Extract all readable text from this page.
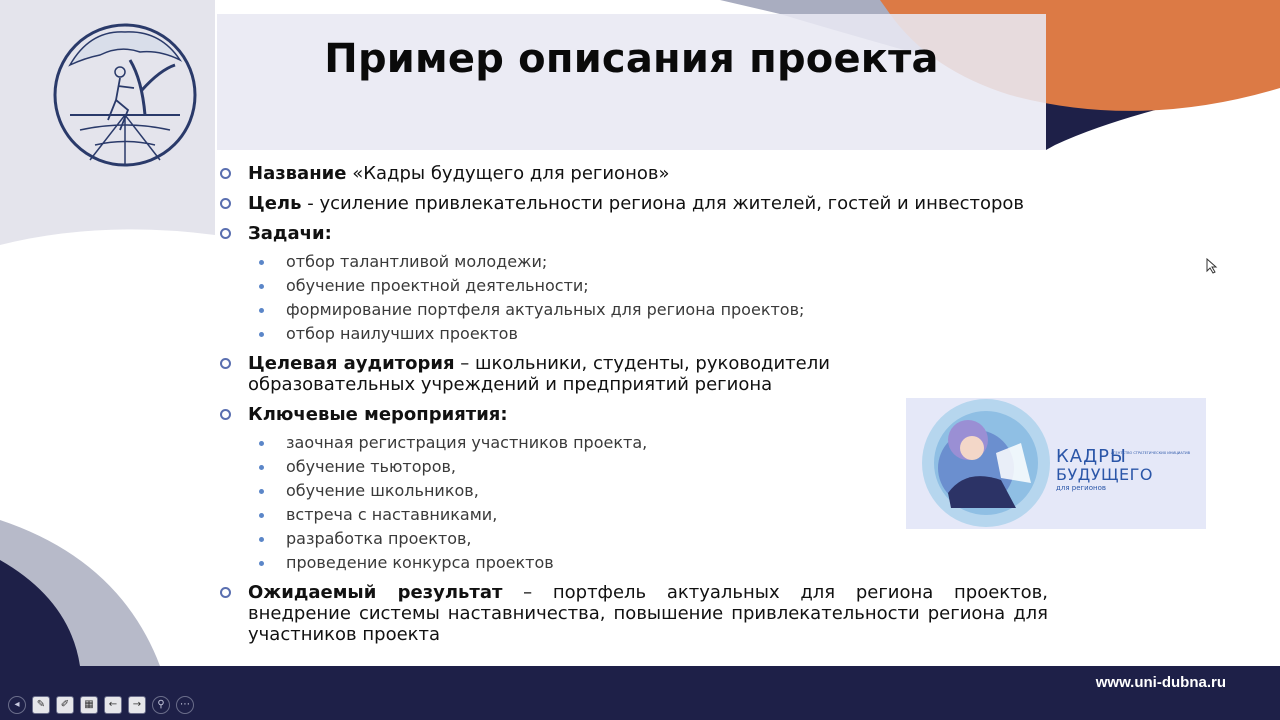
Пример описания проекта
Название «Кадры будущего для регионов»
Цель - усиление привлекательности региона для жителей, гостей и инвесторов
Задачи:
отбор талантливой молодежи;
обучение проектной деятельности;
формирование портфеля актуальных для региона проектов;
отбор наилучших проектов
Целевая аудитория – школьники, студенты, руководители образовательных учреждений и предприятий региона
Ключевые мероприятия:
заочная регистрация участников проекта,
обучение тьюторов,
обучение школьников,
встреча с наставниками,
разработка проектов,
проведение конкурса проектов
Ожидаемый результат – портфель актуальных для региона проектов, внедрение системы наставничества, повышение привлекательности региона для участников проекта
КАДРЫ
БУДУЩЕГО
для регионов
АГЕНТСТВО СТРАТЕГИЧЕСКИХ ИНИЦИАТИВ
www.uni-dubna.ru
◂	✎	✐	▦	←	→	⚲	⋯
